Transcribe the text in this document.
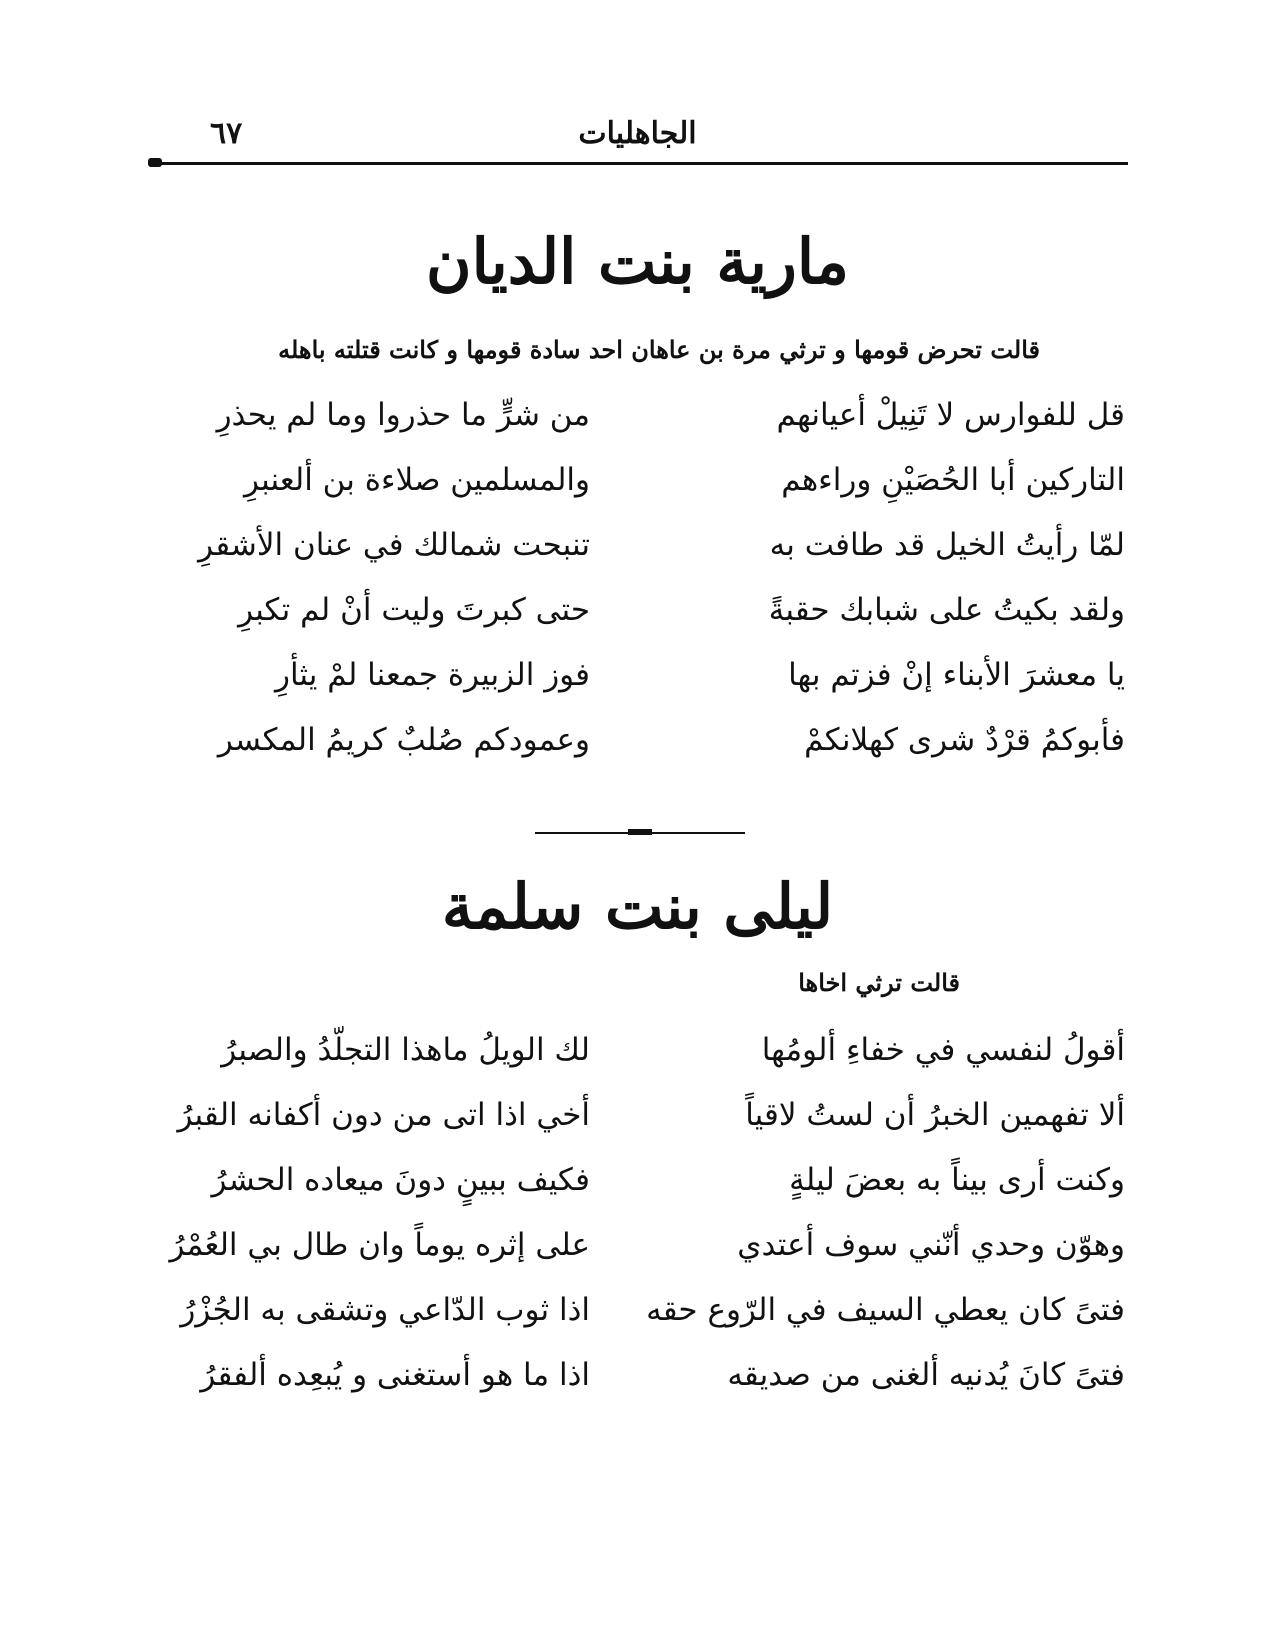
الجاهليات
٦٧
مارية بنت الديان
قالت تحرض قومها و ترثي مرة بن عاهان احد سادة قومها و كانت قتلته باهله
قل للفوارس لا تَنِيلْ أعيانهم
من شرٍّ ما حذروا وما لم يحذرِ
التاركين أبا الحُصَيْنِ وراءهم
والمسلمين صلاءة بن ألعنبرِ
لمّا رأيتُ الخيل قد طافت به
تنبحت شمالك في عنان الأشقرِ
ولقد بكيتُ على شبابك حقبةً
حتى كبرتَ وليت أنْ لم تكبرِ
يا معشرَ الأبناء إنْ فزتم بها
فوز الزبيرة جمعنا لمْ يثأرِ
فأبوكمُ قرْدٌ شرى كهلانكمْ
وعمودكم صُلبٌ كريمُ المكسر
ليلى بنت سلمة
قالت ترثي اخاها
أقولُ لنفسي في خفاءِ ألومُها
لك الويلُ ماهذا التجلّدُ والصبرُ
ألا تفهمين الخبرُ أن لستُ لاقياً
أخي اذا اتى من دون أكفانه القبرُ
وكنت أرى بيناً به بعضَ ليلةٍ
فكيف ببينٍ دونَ ميعاده الحشرُ
وهوّن وحدي أنّني سوف أعتدي
على إثره يوماً وان طال بي العُمْرُ
فتىً كان يعطي السيف في الرّوع حقه
اذا ثوب الدّاعي وتشقى به الجُزْرُ
فتىً كانَ يُدنيه ألغنى من صديقه
اذا ما هو أستغنى و يُبعِده ألفقرُ
